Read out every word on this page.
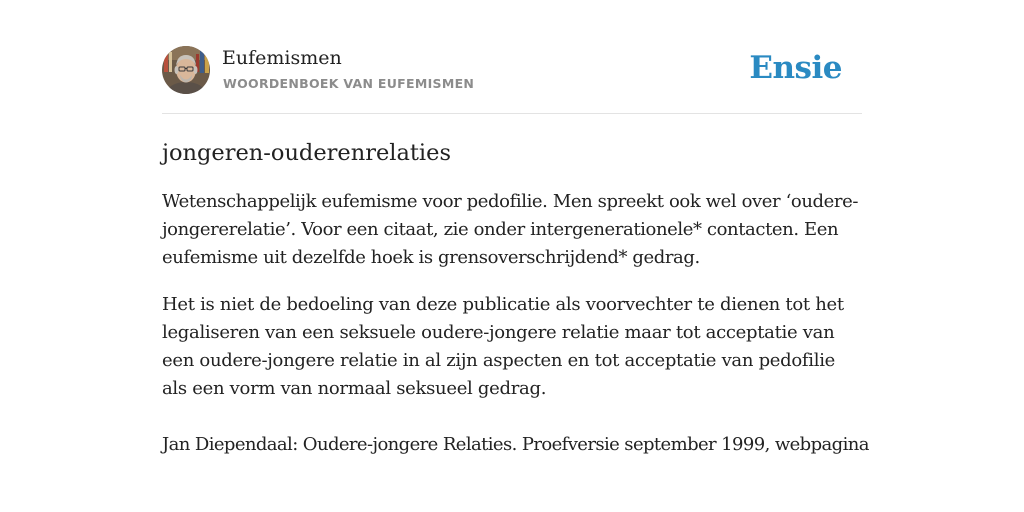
Eufemismen
WOORDENBOEK VAN EUFEMISMEN	Ensie
jongeren-ouderenrelaties

Wetenschappelijk eufemisme voor pedofilie. Men spreekt ook wel over ‘oudere-jongererelatie’. Voor een citaat, zie onder intergenerationele* contacten. Een eufemisme uit dezelfde hoek is grensoverschrijdend* gedrag.

Het is niet de bedoeling van deze publicatie als voorvechter te dienen tot het legaliseren van een seksuele oudere-jongere relatie maar tot acceptatie van een oudere-jongere relatie in al zijn aspecten en tot acceptatie van pedofilie als een vorm van normaal seksueel gedrag.

Jan Diependaal: Oudere-jongere Relaties. Proefversie september 1999, webpagina
